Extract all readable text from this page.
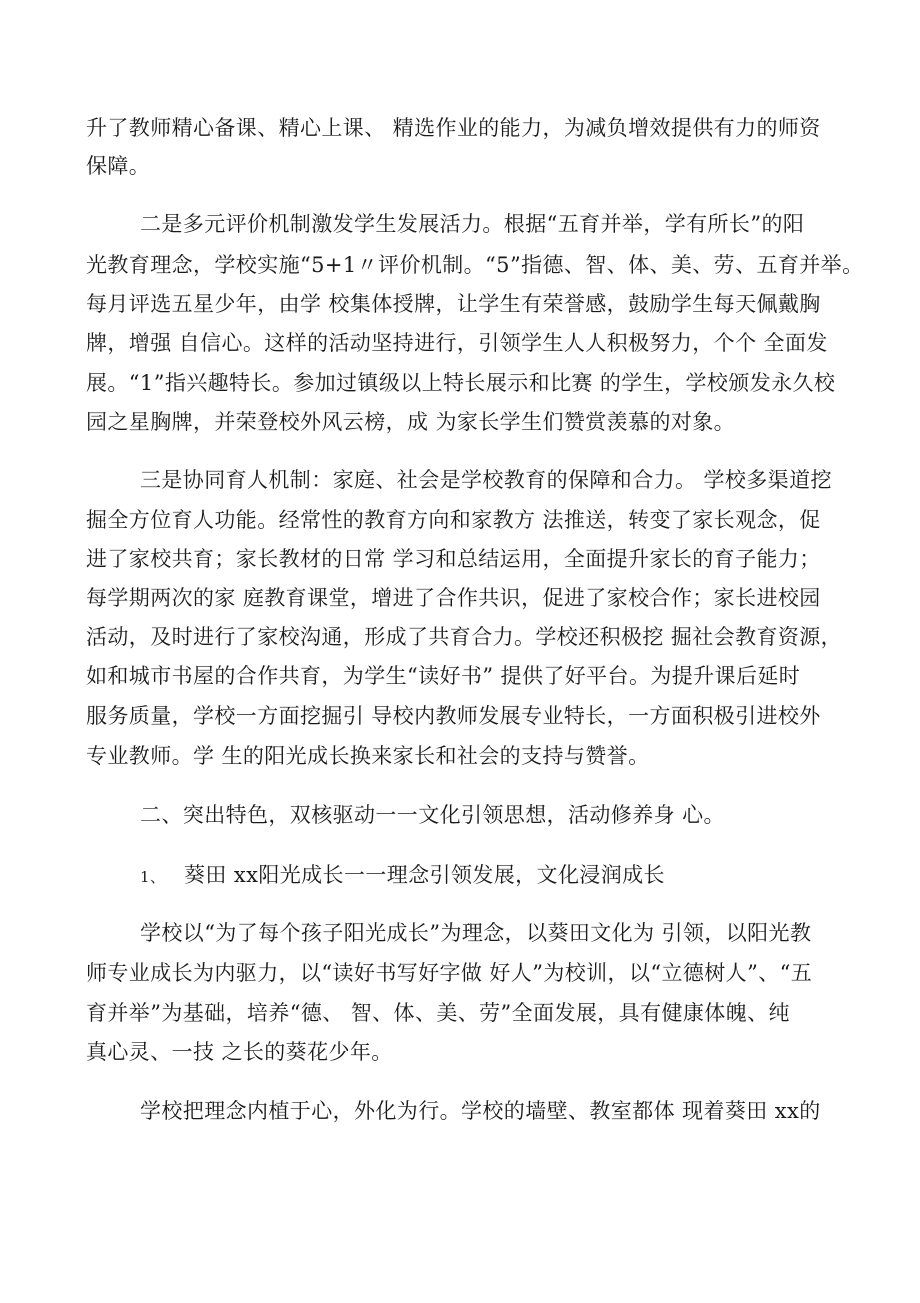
升了教师精心备课、精心上课、 精选作业的能力，为减负增效提供有力的师资
保障。
二是多元评价机制激发学生发展活力。根据“五育并举，学有所长”的阳
光教育理念，学校实施“5+1〃评价机制。“5”指德、智、体、美、劳、五育并举。
每月评选五星少年，由学 校集体授牌，让学生有荣誉感，鼓励学生每天佩戴胸
牌，增强 自信心。这样的活动坚持进行，引领学生人人积极努力，个个 全面发
展。“1”指兴趣特长。参加过镇级以上特长展示和比赛 的学生，学校颁发永久校
园之星胸牌，并荣登校外风云榜，成 为家长学生们赞赏羡慕的对象。
三是协同育人机制：家庭、社会是学校教育的保障和合力。 学校多渠道挖
掘全方位育人功能。经常性的教育方向和家教方 法推送，转变了家长观念，促
进了家校共育；家长教材的日常 学习和总结运用，全面提升家长的育子能力；
每学期两次的家 庭教育课堂，增进了合作共识，促进了家校合作；家长进校园
活动，及时进行了家校沟通，形成了共育合力。学校还积极挖 掘社会教育资源，
如和城市书屋的合作共育，为学生“读好书” 提供了好平台。为提升课后延时
服务质量，学校一方面挖掘引 导校内教师发展专业特长，一方面积极引进校外
专业教师。学 生的阳光成长换来家长和社会的支持与赞誉。
二、突出特色，双核驱动一一文化引领思想，活动修养身 心。
1、 葵田 xx阳光成长一一理念引领发展，文化浸润成长
学校以“为了每个孩子阳光成长”为理念，以葵田文化为 引领，以阳光教
师专业成长为内驱力，以“读好书写好字做 好人”为校训，以“立德树人”、“五
育并举”为基础，培养“德、 智、体、美、劳”全面发展，具有健康体魄、纯
真心灵、一技 之长的葵花少年。
学校把理念内植于心，外化为行。学校的墙壁、教室都体 现着葵田 xx的
